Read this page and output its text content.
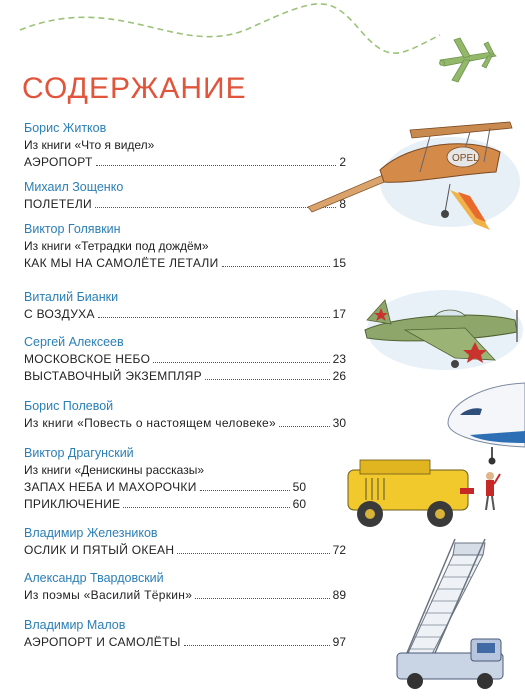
СОДЕРЖАНИЕ
Борис Житков
Из книги «Что я видел»
АЭРОПОРТ	2
Михаил Зощенко
ПОЛЕТЕЛИ	8
Виктор Голявкин
Из книги «Тетрадки под дождём»
КАК МЫ НА САМОЛЁТЕ ЛЕТАЛИ	15
Виталий Бианки
С ВОЗДУХА	17
Сергей Алексеев
МОСКОВСКОЕ НЕБО	23
ВЫСТАВОЧНЫЙ ЭКЗЕМПЛЯР	26
Борис Полевой
Из книги «Повесть о настоящем человеке»	30
Виктор Драгунский
Из книги «Денискины рассказы»
ЗАПАХ НЕБА И МАХОРОЧКИ	50
ПРИКЛЮЧЕНИЕ	60
Владимир Железников
ОСЛИК И ПЯТЫЙ ОКЕАН	72
Александр Твардовский
Из поэмы «Василий Тёркин»	89
Владимир Малов
АЭРОПОРТ И САМОЛЁТЫ	97
OPEL
